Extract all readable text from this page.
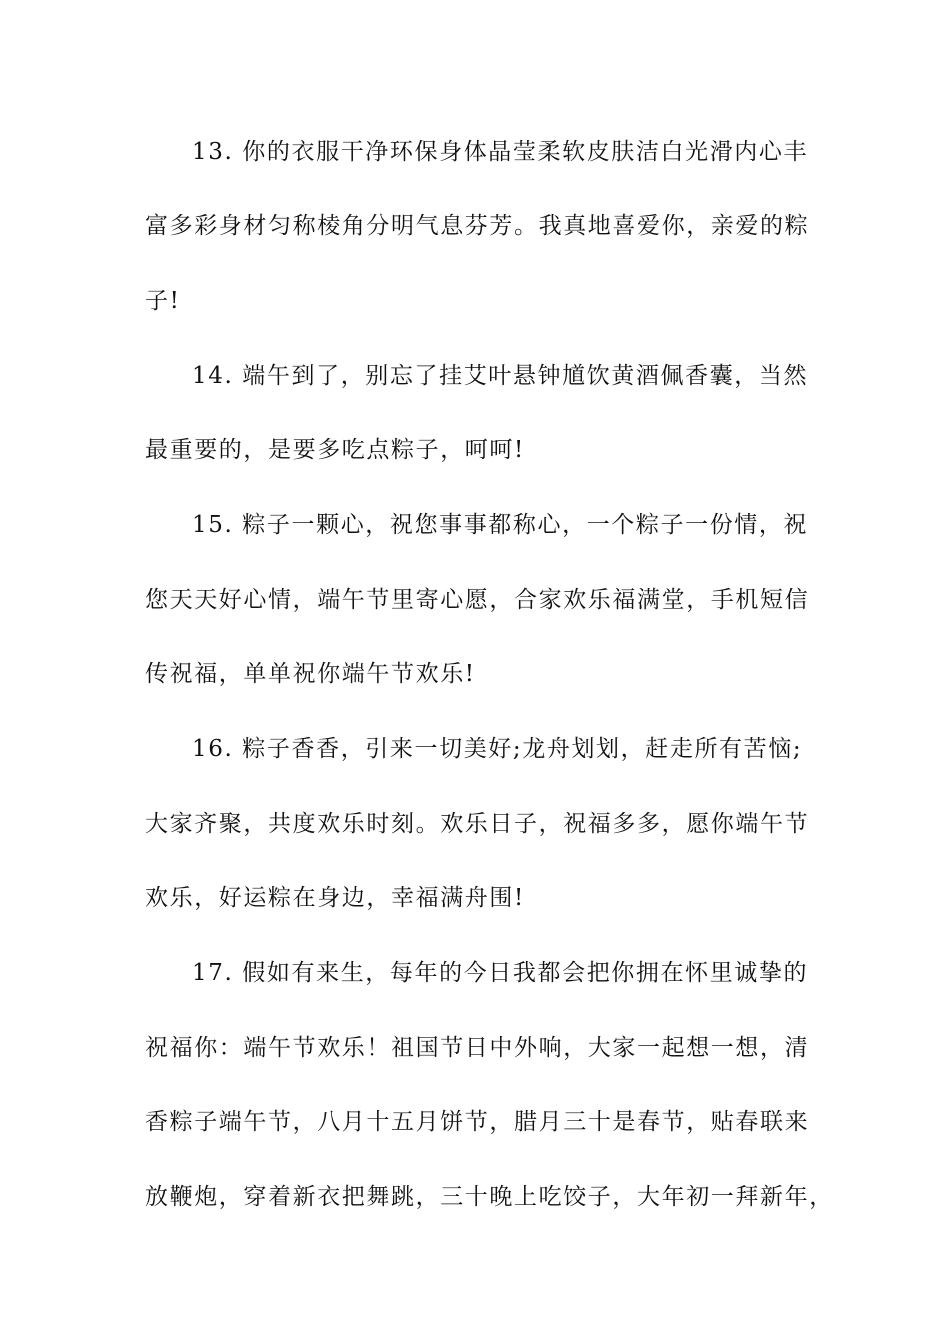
13. 你的衣服干净环保身体晶莹柔软皮肤洁白光滑内心丰
富多彩身材匀称棱角分明气息芬芳。我真地喜爱你，亲爱的粽
子!
14. 端午到了，别忘了挂艾叶悬钟馗饮黄酒佩香囊，当然
最重要的，是要多吃点粽子，呵呵!
15. 粽子一颗心，祝您事事都称心，一个粽子一份情，祝
您天天好心情，端午节里寄心愿，合家欢乐福满堂，手机短信
传祝福，单单祝你端午节欢乐!
16. 粽子香香，引来一切美好;龙舟划划，赶走所有苦恼;
大家齐聚，共度欢乐时刻。欢乐日子，祝福多多，愿你端午节
欢乐，好运粽在身边，幸福满舟围!
17. 假如有来生，每年的今日我都会把你拥在怀里诚挚的
祝福你：端午节欢乐！祖国节日中外响，大家一起想一想，清
香粽子端午节，八月十五月饼节，腊月三十是春节，贴春联来
放鞭炮，穿着新衣把舞跳，三十晚上吃饺子，大年初一拜新年，
